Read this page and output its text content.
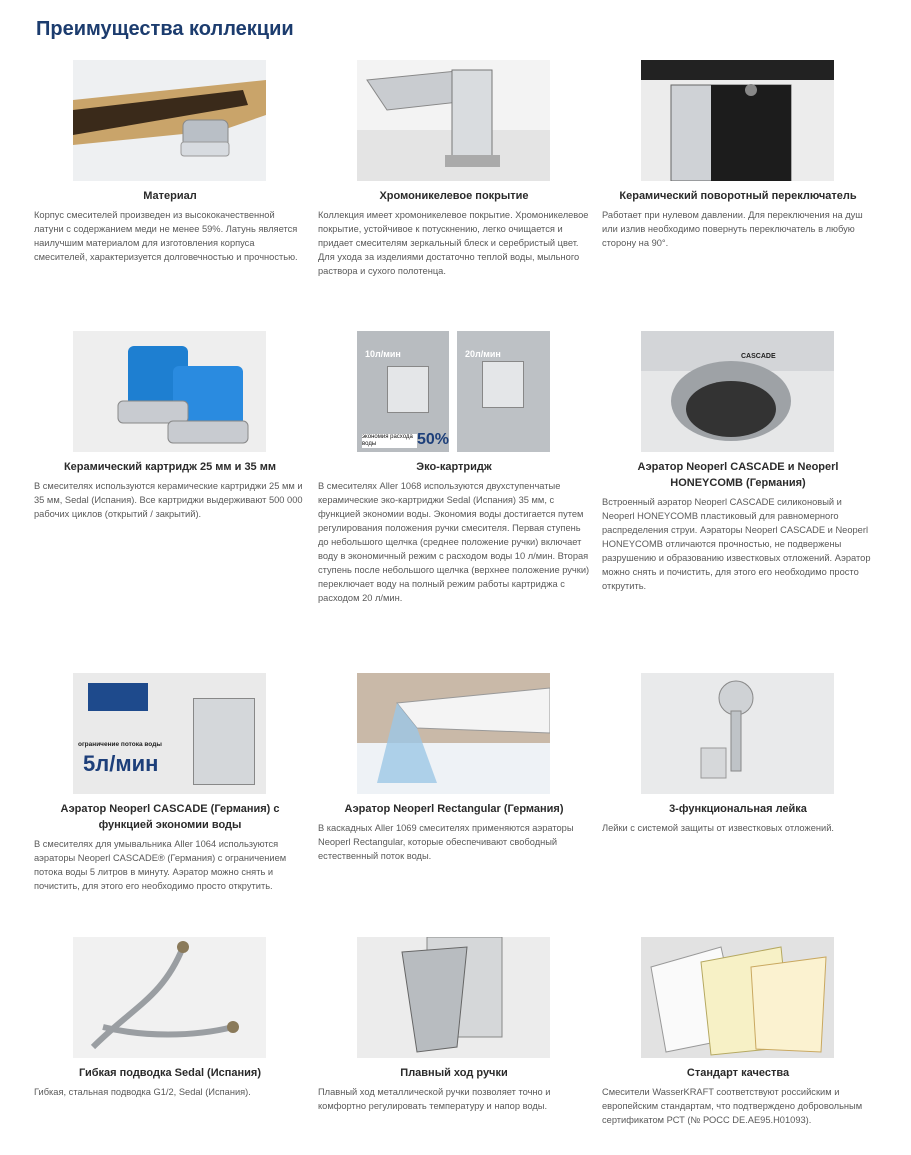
Преимущества коллекции
Материал
Корпус смесителей произведен из высококачественной латуни с содержанием меди не менее 59%. Латунь является наилучшим материалом для изготовления корпуса смесителей, характеризуется долговечностью и прочностью.
Хромоникелевое покрытие
Коллекция имеет хромоникелевое покрытие. Хромоникелевое покрытие, устойчивое к потускнению, легко очищается и придает смесителям зеркальный блеск и серебристый цвет. Для ухода за изделиями достаточно теплой воды, мыльного раствора и сухого полотенца.
Керамический поворотный переключатель
Работает при нулевом давлении. Для переключения на душ или излив необходимо повернуть переключатель в любую сторону на 90°.
Керамический картридж 25 мм и 35 мм
В смесителях используются керамические картриджи 25 мм и 35 мм, Sedal (Испания). Все картриджи выдерживают 500 000 рабочих циклов (открытий / закрытий).
10л/мин	20л/мин
экономия расхода воды	50%
Эко-картридж
В смесителях Aller 1068 используются двухступенчатые керамические эко-картриджи Sedal (Испания) 35 мм, с функцией экономии воды. Экономия воды достигается путем регулирования положения ручки смесителя. Первая ступень до небольшого щелчка (среднее положение ручки) включает воду в экономичный режим с расходом воды 10 л/мин. Вторая ступень после небольшого щелчка (верхнее положение ручки) переключает воду на полный режим работы картриджа с расходом 20 л/мин.
CASCADE
Аэратор Neoperl CASCADE и Neoperl HONEYCOMB (Германия)
Встроенный аэратор Neoperl CASCADE силиконовый и Neoperl HONEYCOMB пластиковый для равномерного распределения струи. Аэраторы Neoperl CASCADE и Neoperl HONEYCOMB отличаются прочностью, не подвержены разрушению и образованию известковых отложений. Аэратор можно снять и почистить, для этого его необходимо просто открутить.
ограничение потока воды
5л/мин
Аэратор Neoperl CASCADE (Германия) с функцией экономии воды
В смесителях для умывальника Aller 1064 используются аэраторы Neoperl CASCADE® (Германия) с ограничением потока воды 5 литров в минуту. Аэратор можно снять и почистить, для этого его необходимо просто открутить.
Аэратор Neoperl Rectangular (Германия)
В каскадных Aller 1069 смесителях применяются аэраторы Neoperl Rectangular, которые обеспечивают свободный естественный поток воды.
3-функциональная лейка
Лейки с системой защиты от известковых отложений.
Гибкая подводка Sedal (Испания)
Гибкая, стальная подводка G1/2, Sedal (Испания).
Плавный ход ручки
Плавный ход металлической ручки позволяет точно и комфортно регулировать температуру и напор воды.
Стандарт качества
Смесители WasserKRAFT соответствуют российским и европейским стандартам, что подтверждено добровольным сертификатом РСТ (№ РОСС DE.AE95.H01093).
